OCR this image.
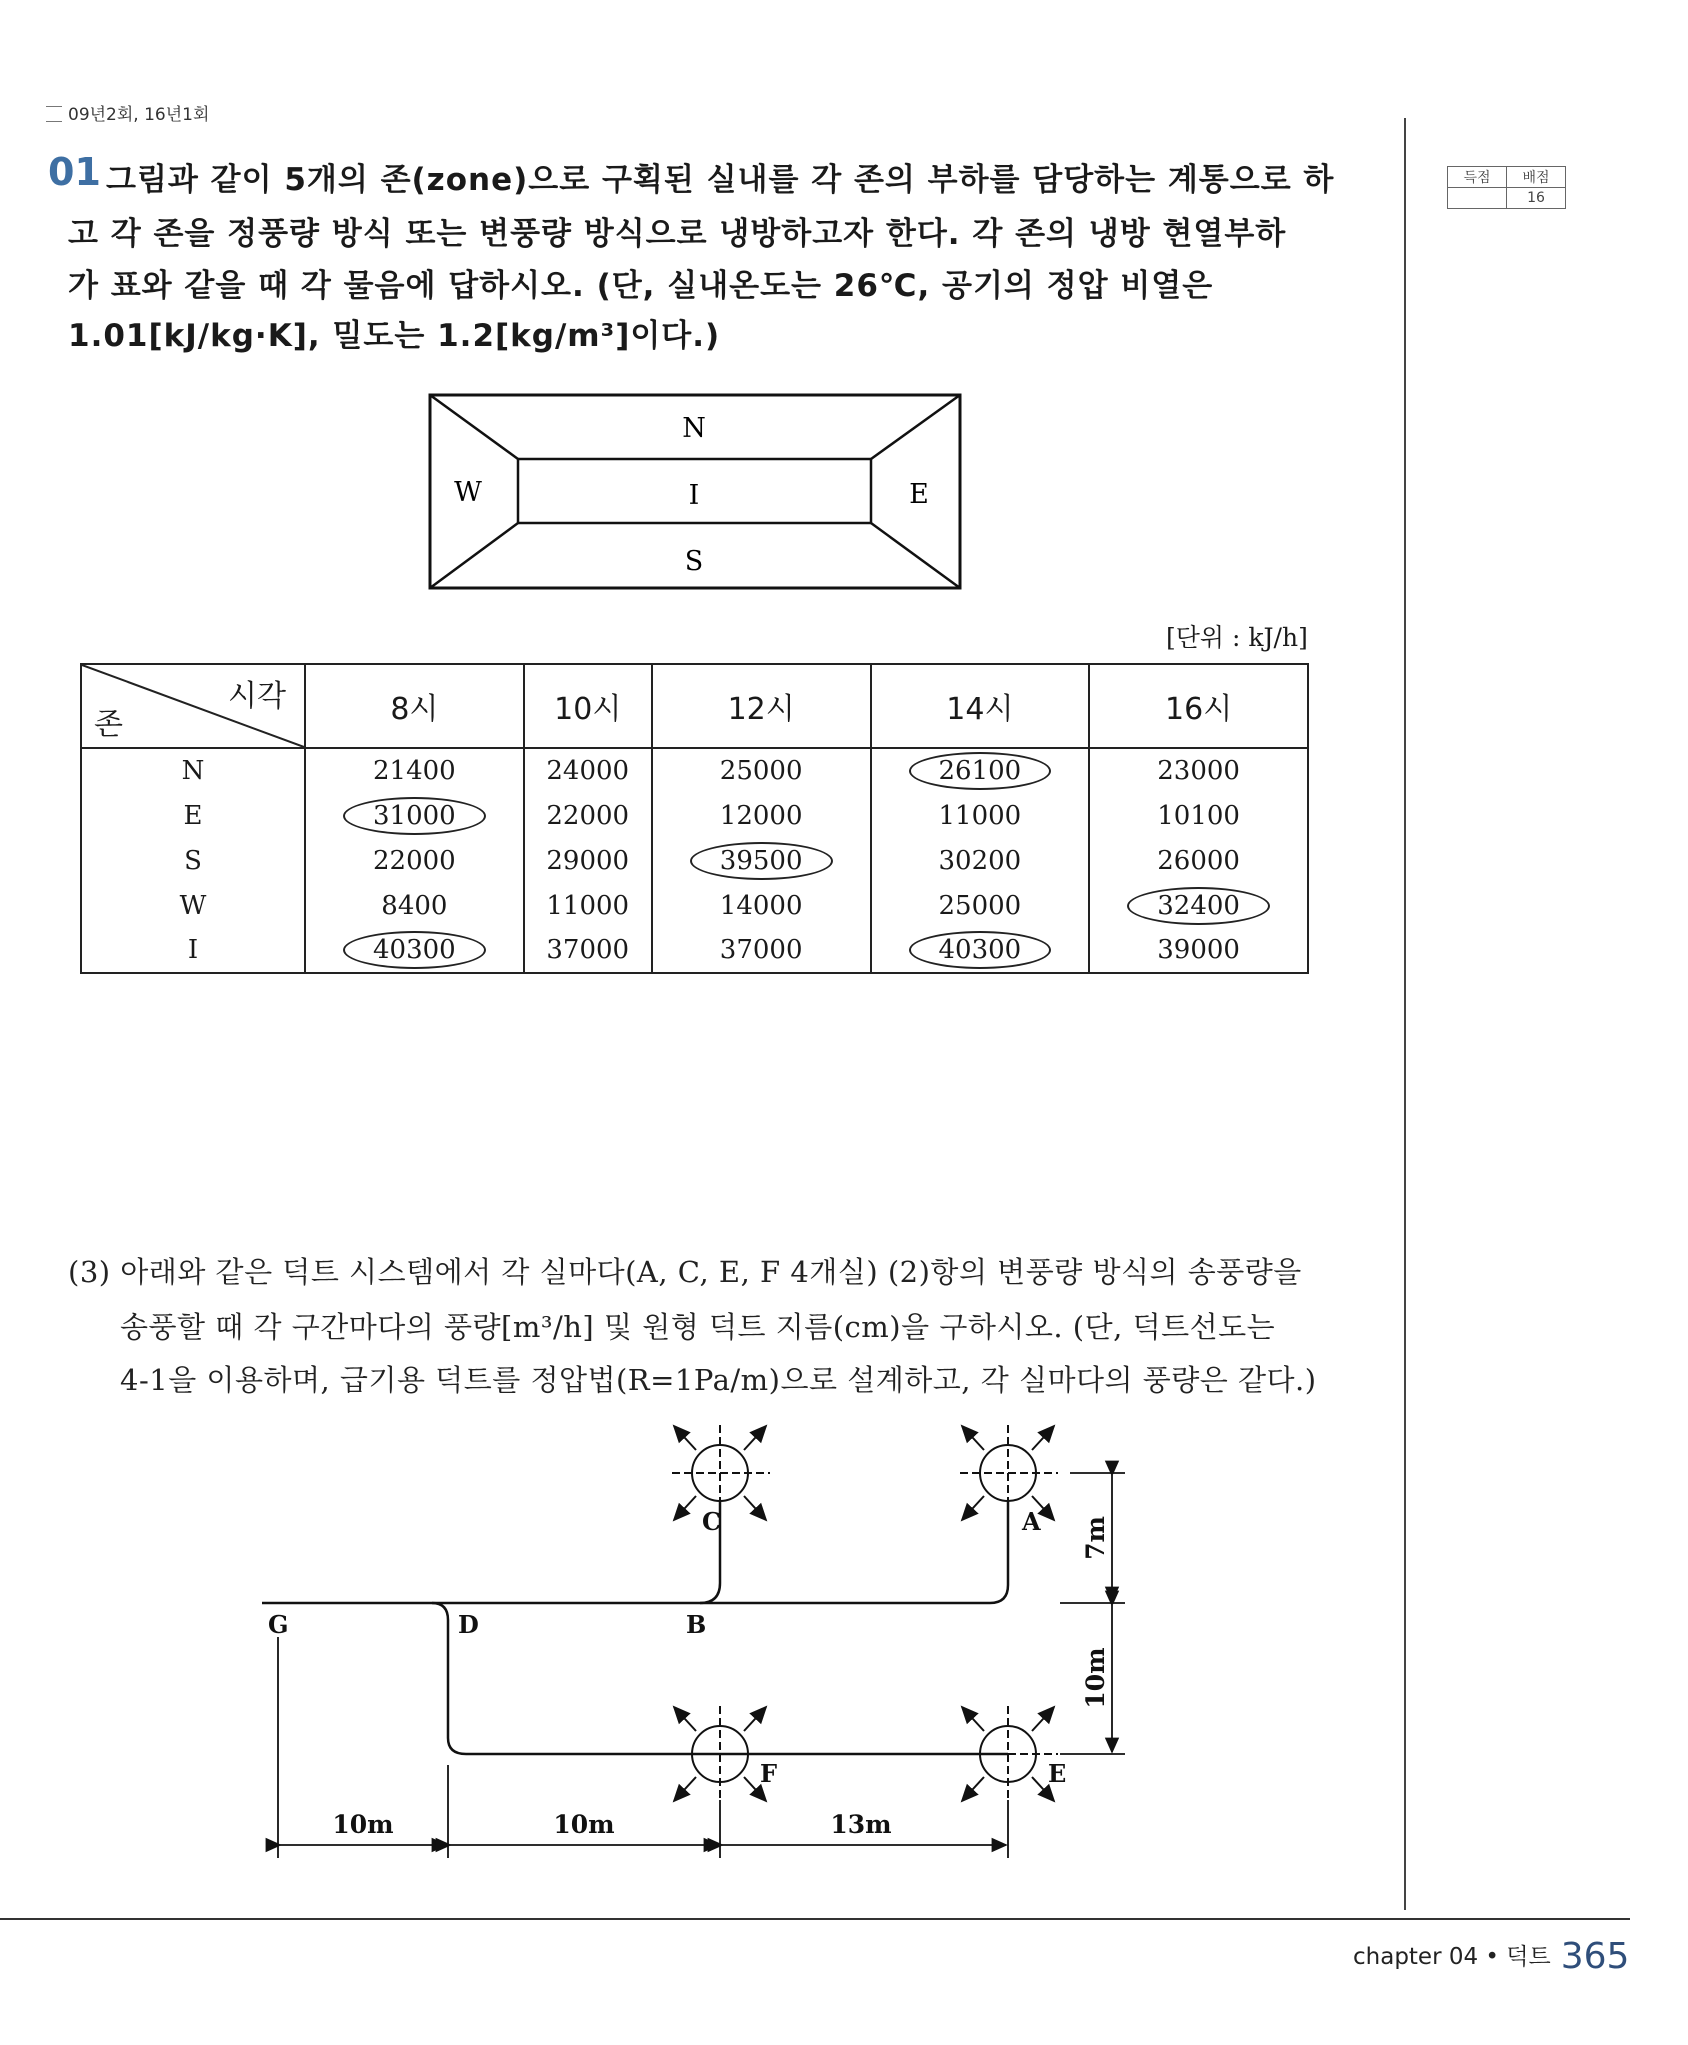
09년2회, 16년1회
01 그림과 같이 5개의 존(zone)으로 구획된 실내를 각 존의 부하를 담당하는 계통으로 하
고 각 존을 정풍량 방식 또는 변풍량 방식으로 냉방하고자 한다. 각 존의 냉방 현열부하
가 표와 같을 때 각 물음에 답하시오. (단, 실내온도는 26℃, 공기의 정압 비열은
1.01[kJ/kg·K], 밀도는 1.2[kg/m³]이다.)
득점	배점
	16
N
I
S
W	E
[단위 : kJ/h]
시각
존	8시	10시	12시	14시	16시
N	21400	24000	25000	26100	23000
E	31000	22000	12000	11000	10100
S	22000	29000	39500	30200	26000
W	8400	11000	14000	25000	32400
I	40300	37000	37000	40300	39000
(3) 아래와 같은 덕트 시스템에서 각 실마다(A, C, E, F 4개실) (2)항의 변풍량 방식의 송풍량을
송풍할 때 각 구간마다의 풍량[m³/h] 및 원형 덕트 지름(cm)을 구하시오. (단, 덕트선도는
4-1을 이용하며, 급기용 덕트를 정압법(R=1Pa/m)으로 설계하고, 각 실마다의 풍량은 같다.)
C	A
G	D	B
F	E
10m	10m	13m
7m
10m
chapter 04 • 덕트 365
